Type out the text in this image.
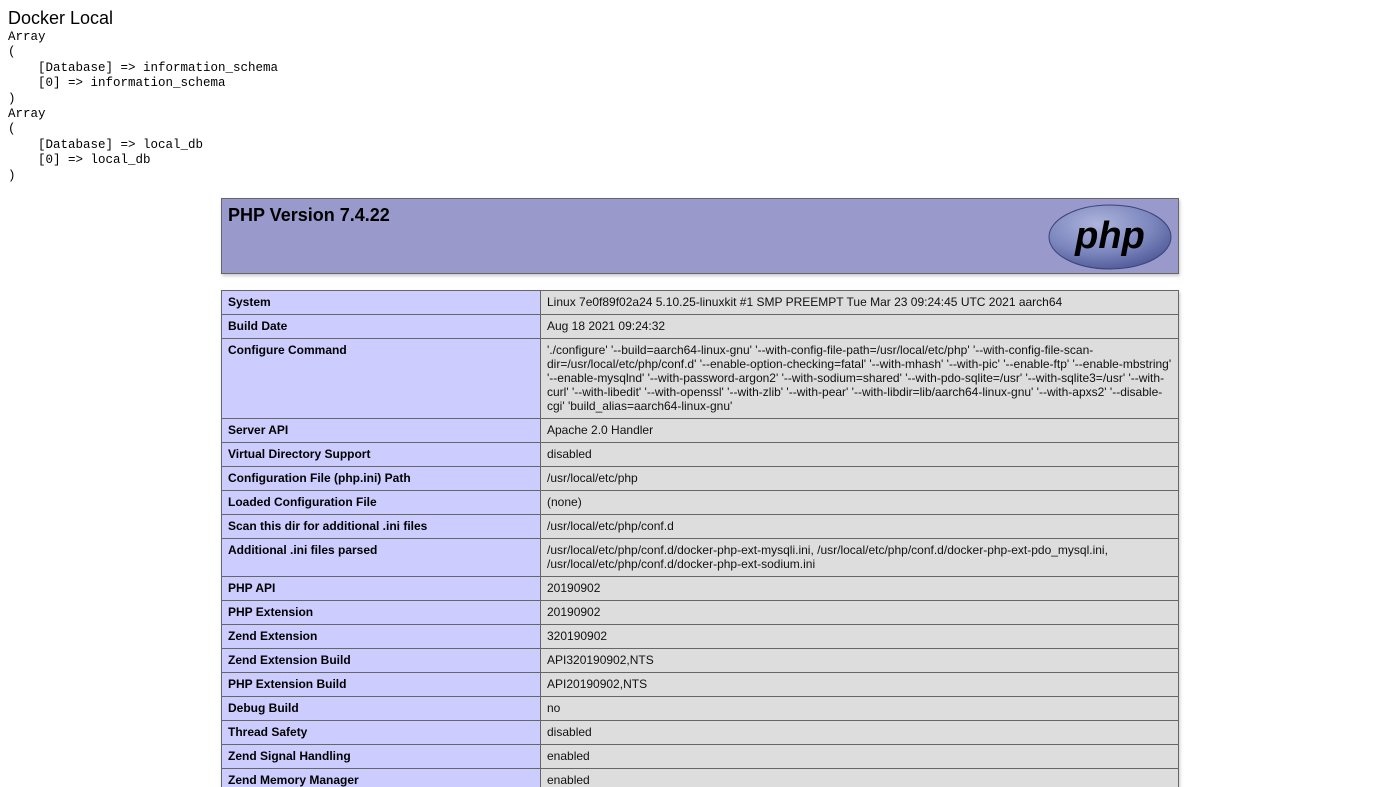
Docker Local
Array
(
[Database] => information_schema
[0] => information_schema
)
Array
(
[Database] => local_db
[0] => local_db
)
PHP Version 7.4.22	php
System	Linux 7e0f89f02a24 5.10.25-linuxkit #1 SMP PREEMPT Tue Mar 23 09:24:45 UTC 2021 aarch64
Build Date	Aug 18 2021 09:24:32
Configure Command	'./configure' '--build=aarch64-linux-gnu' '--with-config-file-path=/usr/local/etc/php' '--with-config-file-scan-dir=/usr/local/etc/php/conf.d' '--enable-option-checking=fatal' '--with-mhash' '--with-pic' '--enable-ftp' '--enable-mbstring' '--enable-mysqlnd' '--with-password-argon2' '--with-sodium=shared' '--with-pdo-sqlite=/usr' '--with-sqlite3=/usr' '--with-curl' '--with-libedit' '--with-openssl' '--with-zlib' '--with-pear' '--with-libdir=lib/aarch64-linux-gnu' '--with-apxs2' '--disable-cgi' 'build_alias=aarch64-linux-gnu'
Server API	Apache 2.0 Handler
Virtual Directory Support	disabled
Configuration File (php.ini) Path	/usr/local/etc/php
Loaded Configuration File	(none)
Scan this dir for additional .ini files	/usr/local/etc/php/conf.d
Additional .ini files parsed	/usr/local/etc/php/conf.d/docker-php-ext-mysqli.ini, /usr/local/etc/php/conf.d/docker-php-ext-pdo_mysql.ini, /usr/local/etc/php/conf.d/docker-php-ext-sodium.ini
PHP API	20190902
PHP Extension	20190902
Zend Extension	320190902
Zend Extension Build	API320190902,NTS
PHP Extension Build	API20190902,NTS
Debug Build	no
Thread Safety	disabled
Zend Signal Handling	enabled
Zend Memory Manager	enabled
